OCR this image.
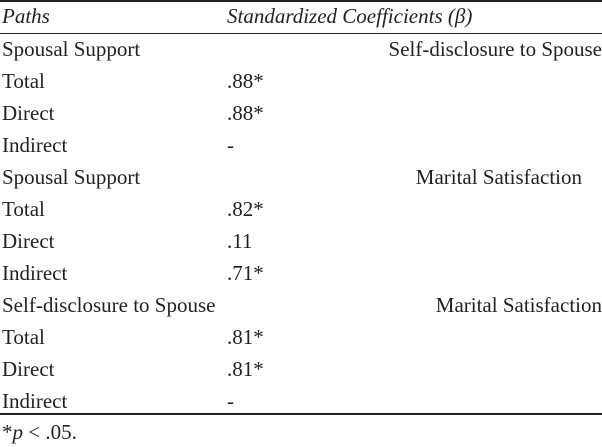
Paths	Standardized Coefficients (β)
Spousal Support	Self-disclosure to Spouse
Total	.88*
Direct	.88*
Indirect	-
Spousal Support	Marital Satisfaction
Total	.82*
Direct	.11
Indirect	.71*
Self-disclosure to Spouse	Marital Satisfaction
Total	.81*
Direct	.81*
Indirect	-
*p < .05.
